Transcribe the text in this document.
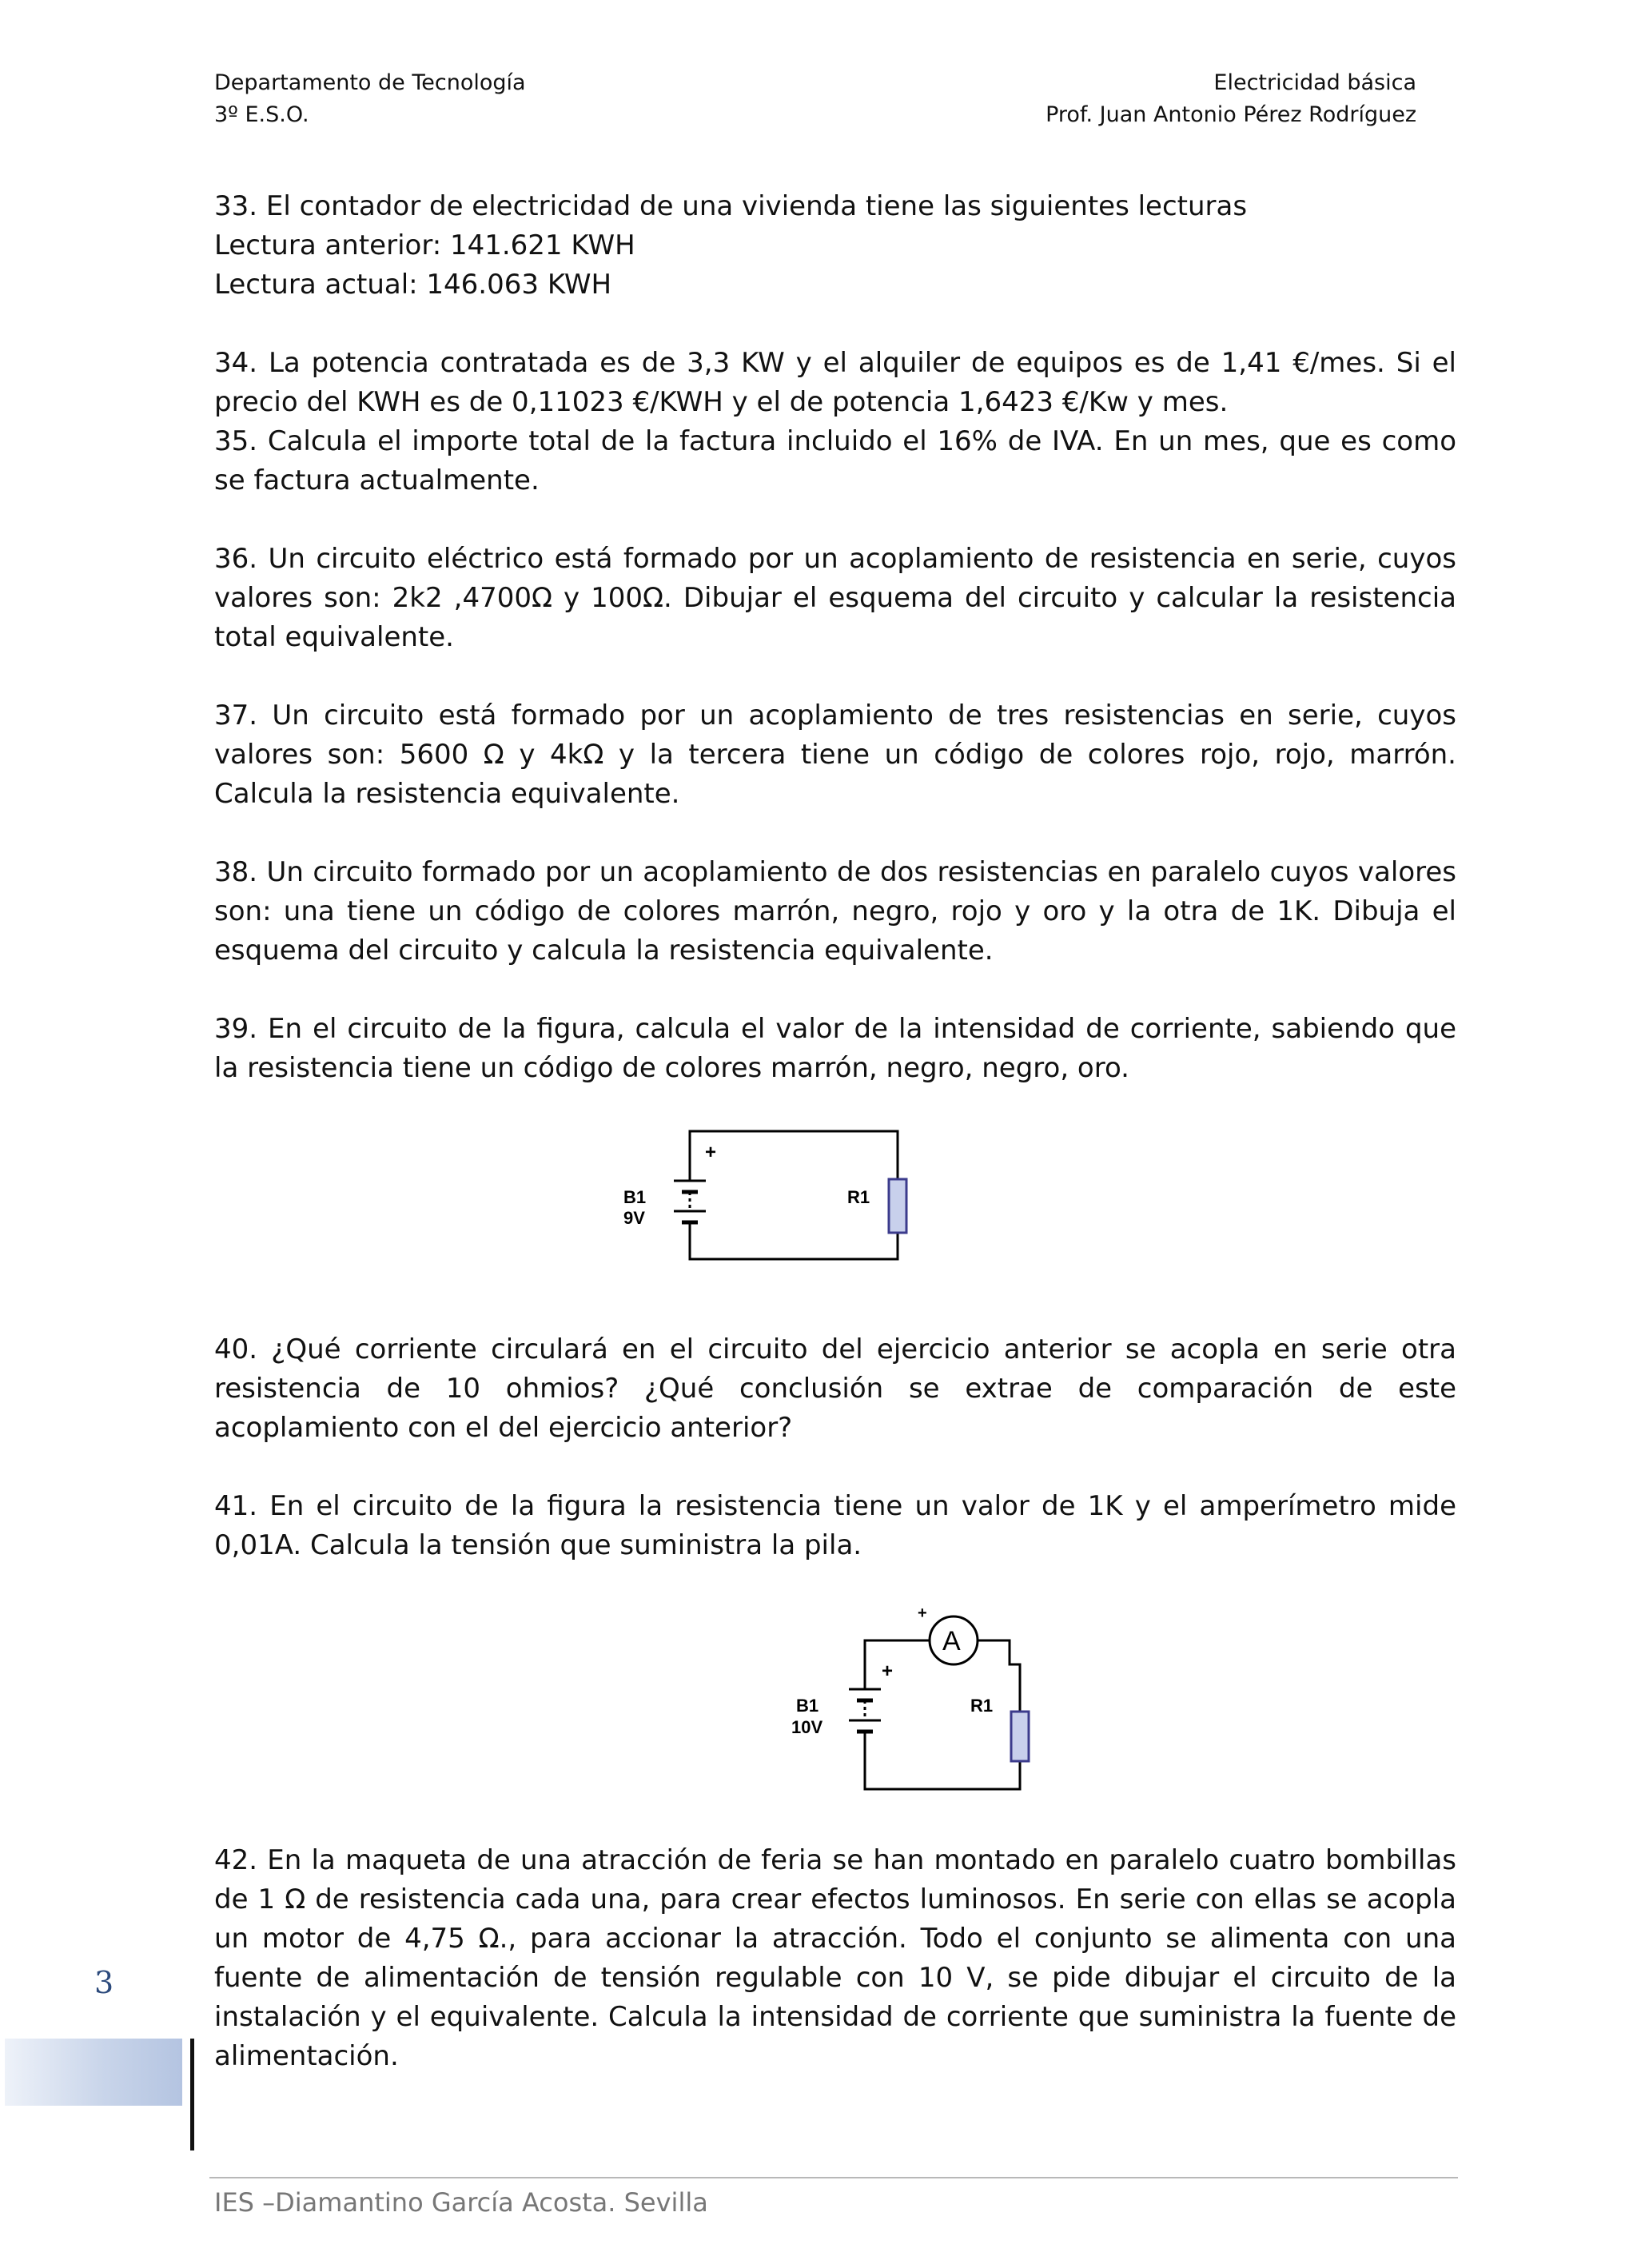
Departamento de Tecnología
3º E.S.O.
Electricidad básica
Prof. Juan Antonio Pérez Rodríguez

33. El contador de electricidad de una vivienda tiene las siguientes lecturas

Lectura anterior: 141.621 KWH

Lectura actual: 146.063 KWH

34. La potencia contratada es de 3,3 KW y el alquiler de equipos es de 1,41 €/mes. Si el precio del KWH es de 0,11023 €/KWH y el de potencia 1,6423 €/Kw y mes.

35. Calcula el importe total de la factura incluido el 16% de IVA. En un mes, que es como se factura actualmente.

36. Un circuito eléctrico está formado por un acoplamiento de resistencia en serie, cuyos valores son: 2k2 ,4700Ω y 100Ω. Dibujar el esquema del circuito y calcular la resistencia total equivalente.

37. Un circuito está formado por un acoplamiento de tres resistencias en serie, cuyos valores son: 5600 Ω y 4kΩ y la tercera tiene un código de colores rojo, rojo, marrón. Calcula la resistencia equivalente.

38. Un circuito formado por un acoplamiento de dos resistencias en paralelo cuyos valores son: una tiene un código de colores marrón, negro, rojo y oro y la otra de 1K. Dibuja el esquema del circuito y calcula la resistencia equivalente.

39. En el circuito de la figura, calcula el valor de la intensidad de corriente, sabiendo que la resistencia tiene un código de colores marrón, negro, negro, oro.

+
B1
9V
R1

40. ¿Qué corriente circulará en el circuito del ejercicio anterior se acopla en serie otra resistencia de 10 ohmios? ¿Qué conclusión se extrae de comparación de este acoplamiento con el del ejercicio anterior?

41. En el circuito de la figura la resistencia tiene un valor de 1K y el amperímetro mide 0,01A. Calcula la tensión que suministra la pila.

A
+
+
B1
10V
R1

42. En la maqueta de una atracción de feria se han montado en paralelo cuatro bombillas de 1 Ω de resistencia cada una, para crear efectos luminosos. En serie con ellas se acopla un motor de 4,75 Ω., para accionar la atracción. Todo el conjunto se alimenta con una fuente de alimentación de tensión regulable con 10 V, se pide dibujar el circuito de la instalación y el equivalente. Calcula la intensidad de corriente que suministra la fuente de alimentación.

3
IES –Diamantino García Acosta. Sevilla
